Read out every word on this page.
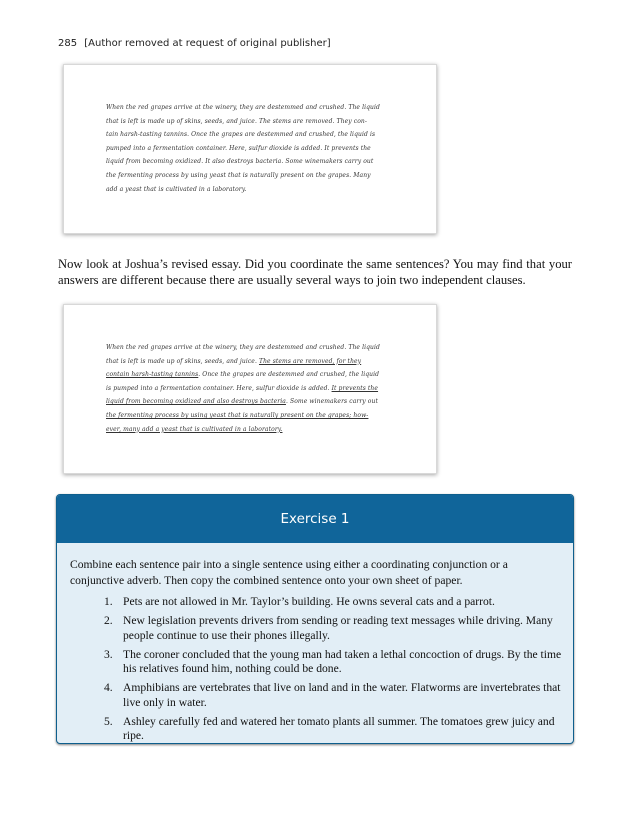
285 [Author removed at request of original publisher]
When the red grapes arrive at the winery, they are destemmed and crushed. The liquid
that is left is made up of skins, seeds, and juice. The stems are removed. They con-
tain harsh-tasting tannins. Once the grapes are destemmed and crushed, the liquid is
pumped into a fermentation container. Here, sulfur dioxide is added. It prevents the
liquid from becoming oxidized. It also destroys bacteria. Some winemakers carry out
the fermenting process by using yeast that is naturally present on the grapes. Many
add a yeast that is cultivated in a laboratory.
Now look at Joshua’s revised essay. Did you coordinate the same sentences? You may find that your answers are different because there are usually several ways to join two independent clauses.
When the red grapes arrive at the winery, they are destemmed and crushed. The liquid
that is left is made up of skins, seeds, and juice. The stems are removed, for they
contain harsh-tasting tannins. Once the grapes are destemmed and crushed, the liquid
is pumped into a fermentation container. Here, sulfur dioxide is added. It prevents the
liquid from becoming oxidized and also destroys bacteria. Some winemakers carry out
the fermenting process by using yeast that is naturally present on the grapes; how-
ever, many add a yeast that is cultivated in a laboratory.
Exercise 1
Combine each sentence pair into a single sentence using either a coordinating conjunction or a conjunctive adverb. Then copy the combined sentence onto your own sheet of paper.
1. Pets are not allowed in Mr. Taylor’s building. He owns several cats and a parrot.
2. New legislation prevents drivers from sending or reading text messages while driving. Many people continue to use their phones illegally.
3. The coroner concluded that the young man had taken a lethal concoction of drugs. By the time his relatives found him, nothing could be done.
4. Amphibians are vertebrates that live on land and in the water. Flatworms are invertebrates that live only in water.
5. Ashley carefully fed and watered her tomato plants all summer. The tomatoes grew juicy and ripe.
